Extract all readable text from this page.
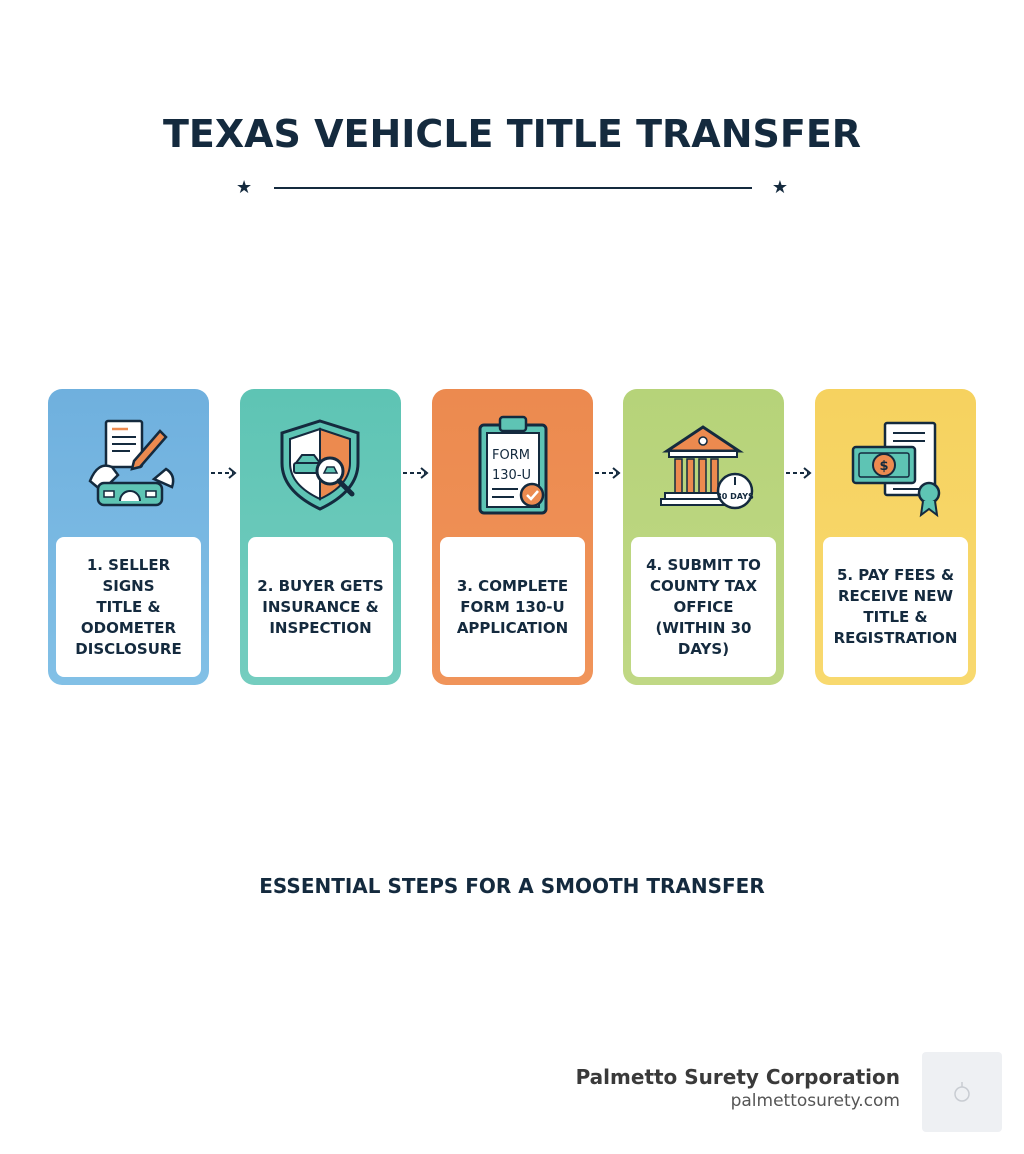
TEXAS VEHICLE TITLE TRANSFER
★	★
1. SELLER SIGNS
TITLE & ODOMETER
DISCLOSURE
2. BUYER GETS
INSURANCE &
INSPECTION
FORM
130-U
3. COMPLETE
FORM 130-U
APPLICATION
30 DAYS
4. SUBMIT TO
COUNTY TAX
OFFICE
(WITHIN 30 DAYS)
$
5. PAY FEES &
RECEIVE NEW
TITLE &
REGISTRATION
ESSENTIAL STEPS FOR A SMOOTH TRANSFER
Palmetto Surety Corporation
palmettosurety.com
